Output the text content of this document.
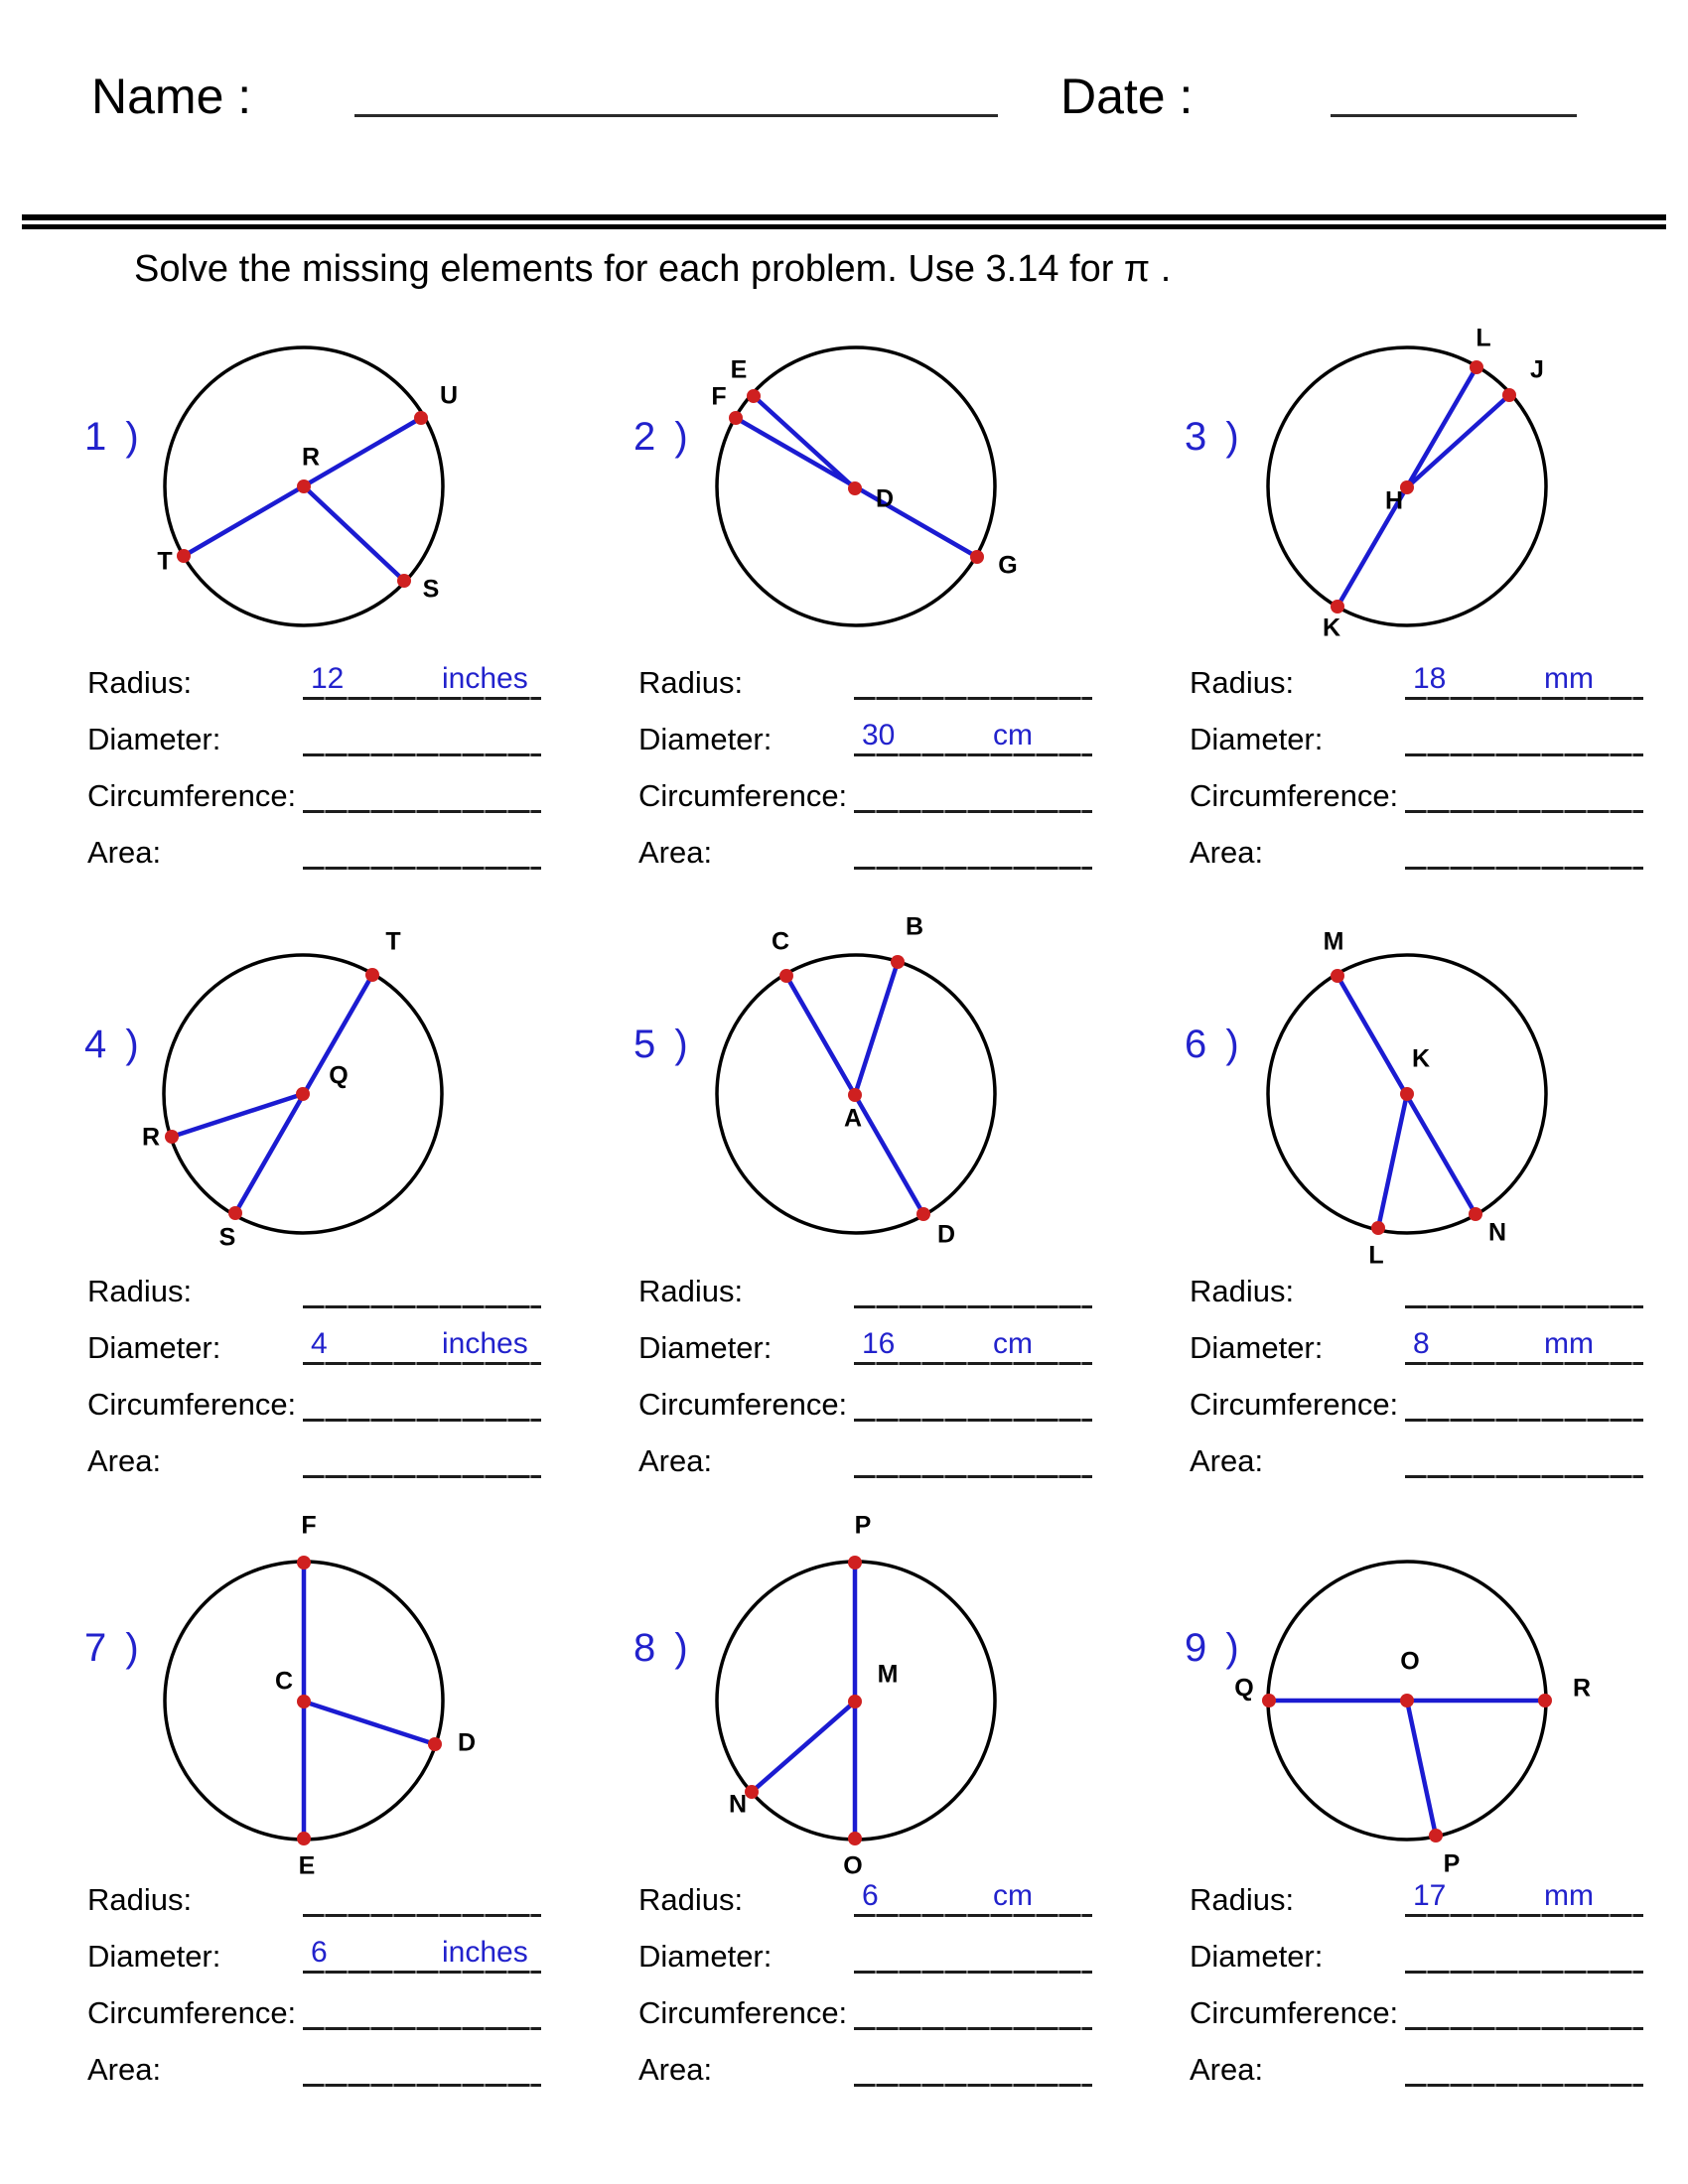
Name :	Date :
Solve the missing elements for each problem. Use 3.14 for π .
1 )	R
U
T
S
Radius:	12	inches
Diameter:
Circumference:
Area:
2 )
D
E
F
G
Radius:
Diameter:	30	cm
Circumference:
Area:
3 )
H
L
J
K
Radius:	18	mm
Diameter:
Circumference:
Area:
4 )
Q
T
R
S
Radius:
Diameter:	4	inches
Circumference:
Area:
5 )
A
C
B
D
Radius:
Diameter:	16	cm
Circumference:
Area:
6 )	K
M
L
N
Radius:
Diameter:	8	mm
Circumference:
Area:
7 )
C
F
E
D
Radius:
Diameter:	6	inches
Circumference:
Area:
8 )
M
P
N
O
Radius:	6	cm
Diameter:
Circumference:
Area:
9 )	O
Q	R
P
Radius:	17	mm
Diameter:
Circumference:
Area:
